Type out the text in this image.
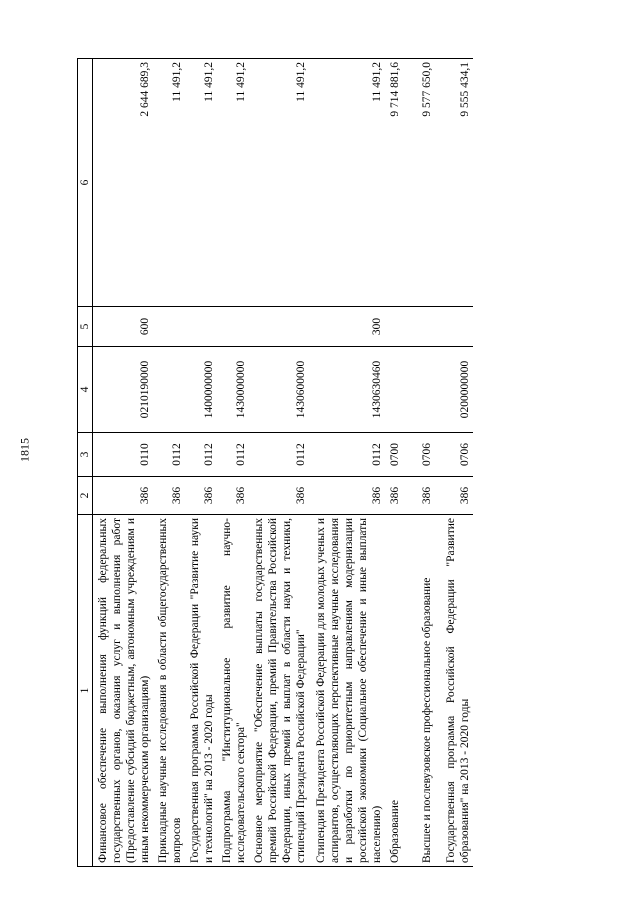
1815
1	2	3	4	5	6
Финансовое обеспечение выполнения функций федеральных государственных органов, оказания услуг и выполнения работ (Предоставление субсидий бюджетным, автономным учреждениям и иным некоммерческим организациям)	386	0110	0210190000	600	2 644 689,3
Прикладные научные исследования в области общегосударственных вопросов	386	0112			11 491,2
Государственная программа Российской Федерации "Развитие науки и технологий" на 2013 - 2020 годы	386	0112	1400000000		11 491,2
Подпрограмма "Институциональное развитие научно-исследовательского сектора"	386	0112	1430000000		11 491,2
Основное мероприятие "Обеспечение выплаты государственных премий Российской Федерации, премий Правительства Российской Федерации, иных премий и выплат в области науки и техники, стипендий Президента Российской Федерации"	386	0112	1430600000		11 491,2
Стипендия Президента Российской Федерации для молодых ученых и аспирантов, осуществляющих перспективные научные исследования и разработки по приоритетным направлениям модернизации российской экономики (Социальное обеспечение и иные выплаты населению)	386	0112	1430630460	300	11 491,2
Образование	386	0700			9 714 881,6
Высшее и послевузовское профессиональное образование	386	0706			9 577 650,0
Государственная программа Российской Федерации "Развитие образования" на 2013 - 2020 годы	386	0706	0200000000		9 555 434,1
